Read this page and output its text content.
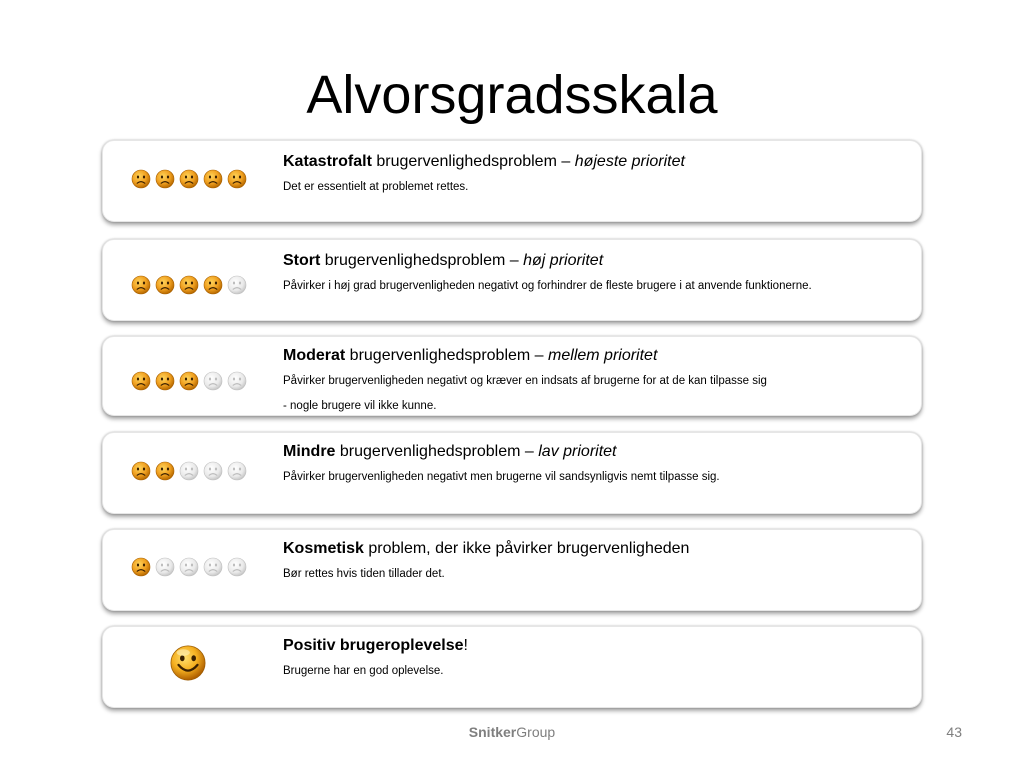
Alvorsgradsskala
Katastrofalt brugervenlighedsproblem – højeste prioritet
Det er essentielt at problemet rettes.
Stort brugervenlighedsproblem – høj prioritet
Påvirker i høj grad brugervenligheden negativt og forhindrer de fleste brugere i at anvende funktionerne.
Moderat brugervenlighedsproblem – mellem prioritet
Påvirker brugervenligheden negativt og kræver en indsats af brugerne for at de kan tilpasse sig
- nogle brugere vil ikke kunne.
Mindre brugervenlighedsproblem – lav prioritet
Påvirker brugervenligheden negativt men brugerne vil sandsynligvis nemt tilpasse sig.
Kosmetisk problem, der ikke påvirker brugervenligheden
Bør rettes hvis tiden tillader det.
Positiv brugeroplevelse!
Brugerne har en god oplevelse.
SnitkerGroup	43
